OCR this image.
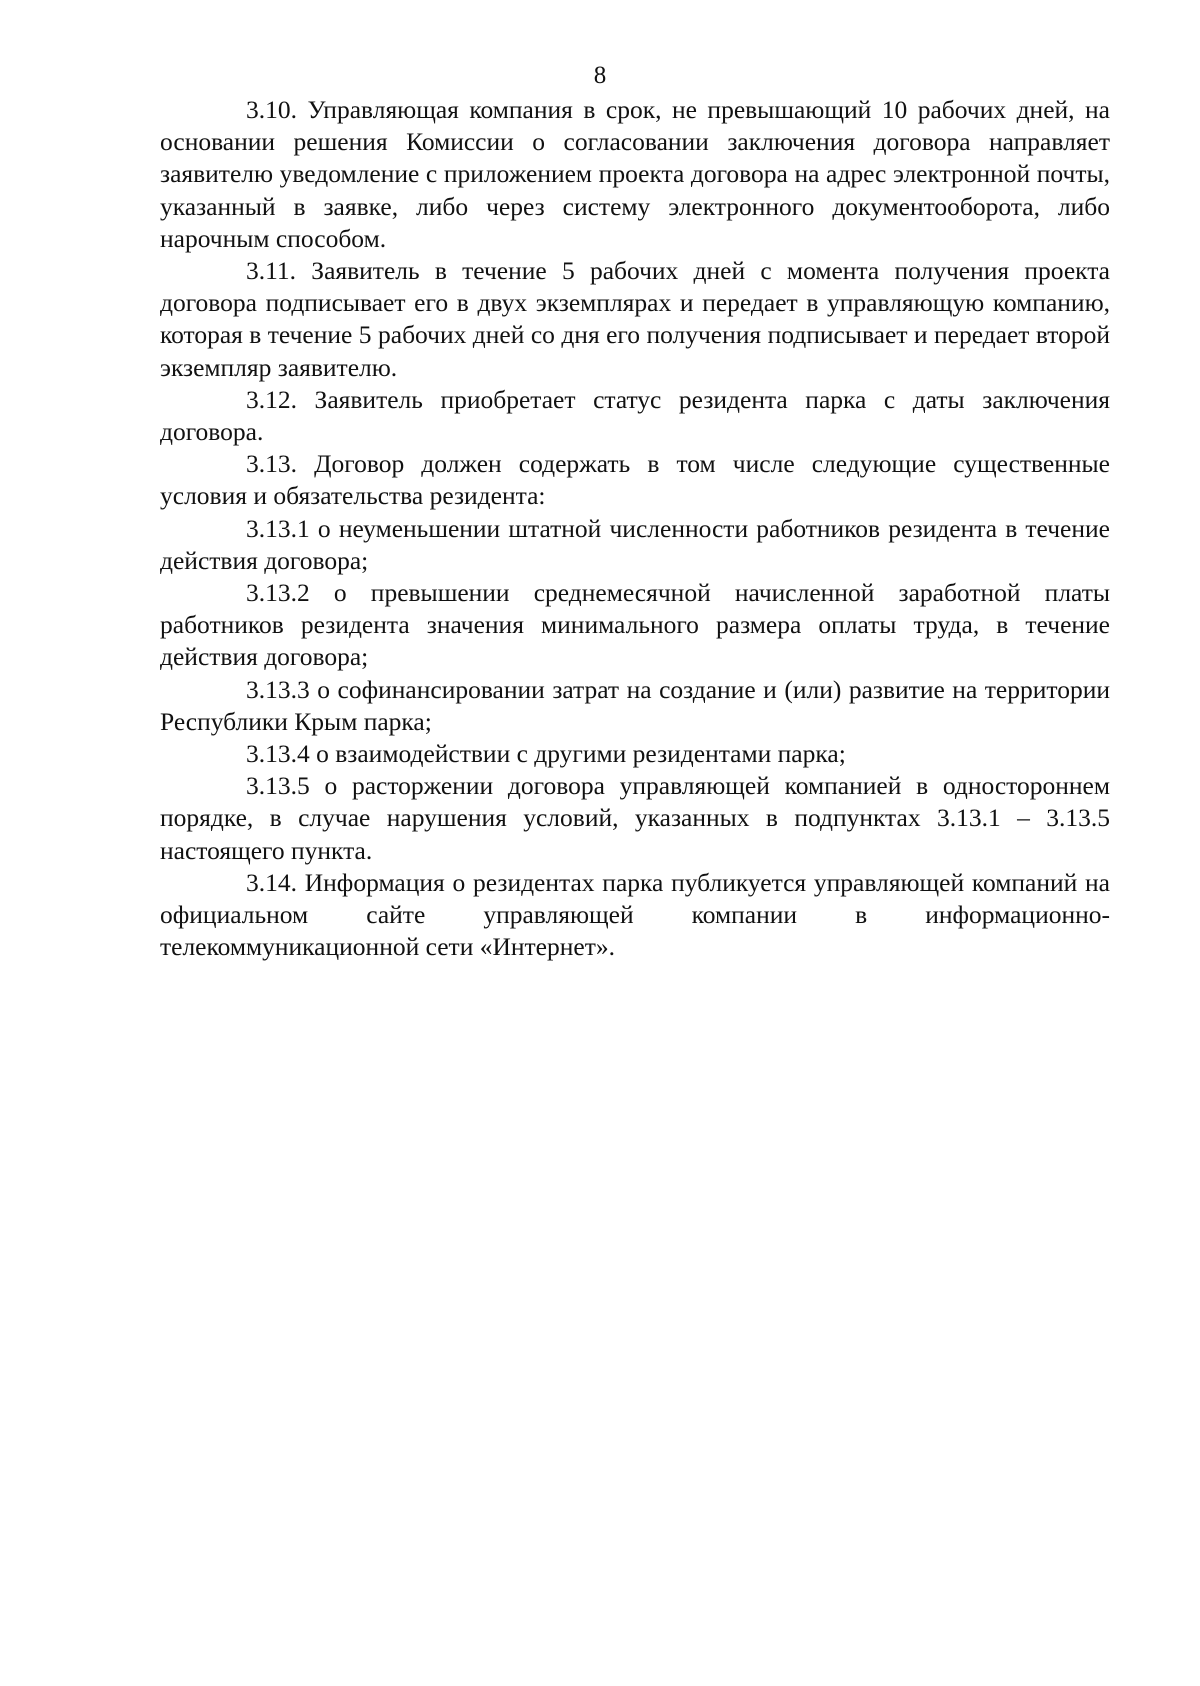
8

3.10. Управляющая компания в срок, не превышающий 10 рабочих дней, на основании решения Комиссии о согласовании заключения договора направляет заявителю уведомление с приложением проекта договора на адрес электронной почты, указанный в заявке, либо через систему электронного документооборота, либо нарочным способом.

3.11. Заявитель в течение 5 рабочих дней с момента получения проекта договора подписывает его в двух экземплярах и передает в управляющую компанию, которая в течение 5 рабочих дней со дня его получения подписывает и передает второй экземпляр заявителю.

3.12. Заявитель приобретает статус резидента парка с даты заключения договора.

3.13. Договор должен содержать в том числе следующие существенные условия и обязательства резидента:

3.13.1 о неуменьшении штатной численности работников резидента в течение действия договора;

3.13.2 о превышении среднемесячной начисленной заработной платы работников резидента значения минимального размера оплаты труда, в течение действия договора;

3.13.3 о софинансировании затрат на создание и (или) развитие на территории Республики Крым парка;

3.13.4 о взаимодействии с другими резидентами парка;

3.13.5 о расторжении договора управляющей компанией в одностороннем порядке, в случае нарушения условий, указанных в подпунктах 3.13.1 – 3.13.5 настоящего пункта.

3.14. Информация о резидентах парка публикуется управляющей компаний на официальном сайте управляющей компании в информационно-телекоммуникационной сети «Интернет».
